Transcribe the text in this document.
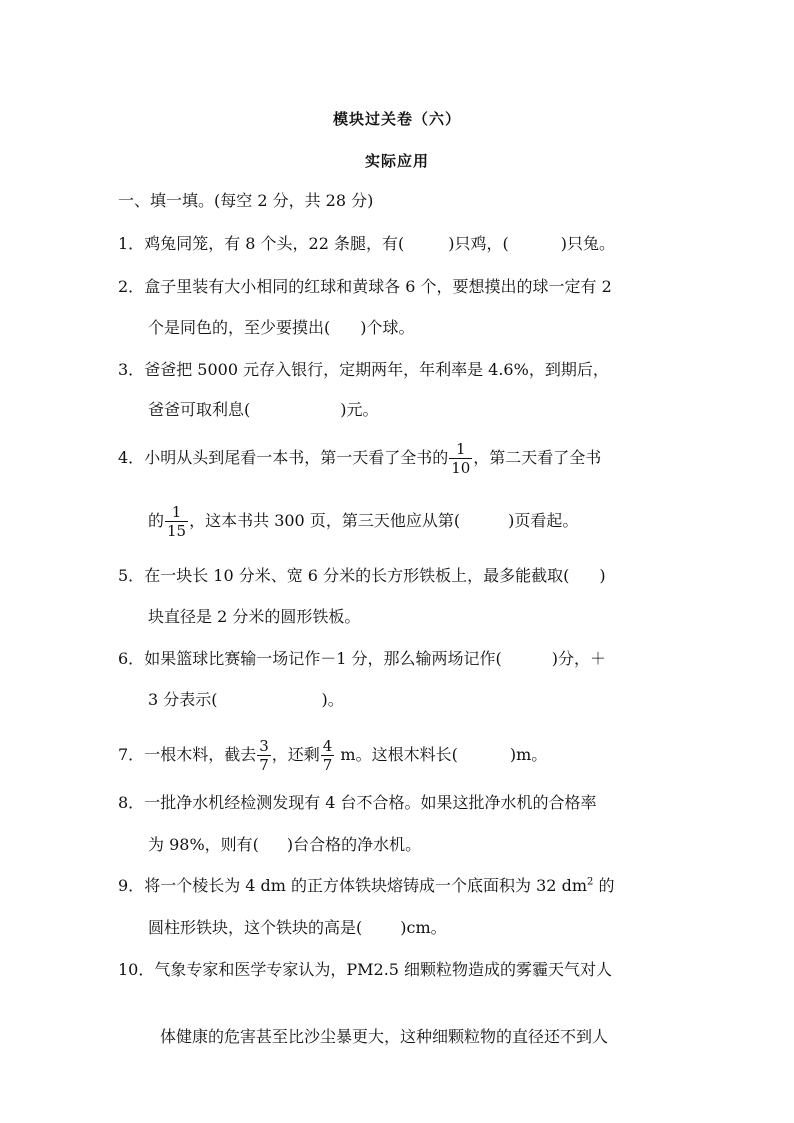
模块过关卷（六）
实际应用
一、填一填。(每空 2 分，共 28 分)
1．鸡兔同笼，有 8 个头，22 条腿，有(	)只鸡，(	)只兔。
2．盒子里装有大小相同的红球和黄球各 6 个，要想摸出的球一定有 2
个是同色的，至少要摸出( )个球。
3．爸爸把 5000 元存入银行，定期两年，年利率是 4.6%，到期后，
爸爸可取利息(	)元。
4．小明从头到尾看一本书，第一天看了全书的 $\frac{1}{10}$ ，第二天看了全书
的 $\frac{1}{15}$ ，这本书共 300 页，第三天他应从第(	)页看起。
5．在一块长 10 分米、宽 6 分米的长方形铁板上，最多能截取( )
块直径是 2 分米的圆形铁板。
6．如果篮球比赛输一场记作－1 分，那么输两场记作(	)分，＋
3 分表示(	)。
7．一根木料，截去 $\frac{3}{7}$ ，还剩 $\frac{4}{7}$ m。这根木料长(	)m。
8．一批净水机经检测发现有 4 台不合格。如果这批净水机的合格率
为 98%，则有( )台合格的净水机。
9．将一个棱长为 4 dm 的正方体铁块熔铸成一个底面积为 32 $dm^2$ 的
圆柱形铁块，这个铁块的高是( )cm。
10．气象专家和医学专家认为，PM2.5 细颗粒物造成的雾霾天气对人
体健康的危害甚至比沙尘暴更大，这种细颗粒物的直径还不到人
